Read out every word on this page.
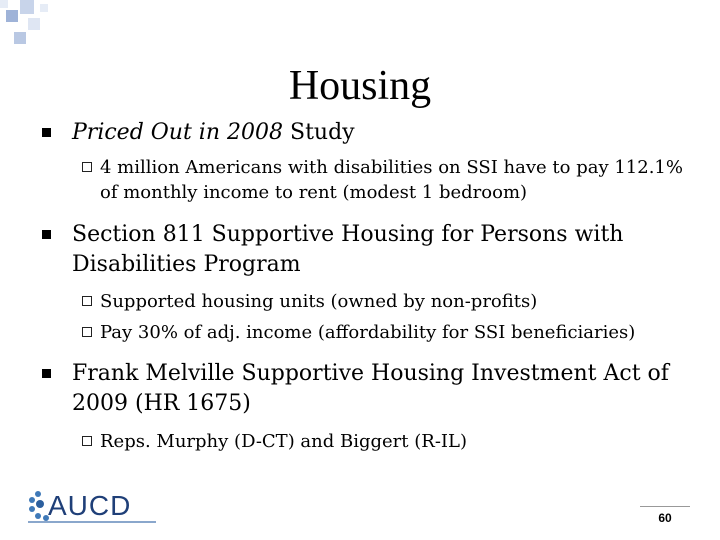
Housing
Priced Out in 2008 Study
4 million Americans with disabilities on SSI have to pay 112.1% of monthly income to rent (modest 1 bedroom)
Section 811 Supportive Housing for Persons with Disabilities Program
Supported housing units (owned by non-profits)
Pay 30% of adj. income (affordability for SSI beneficiaries)
Frank Melville Supportive Housing Investment Act of 2009 (HR 1675)
Reps. Murphy (D-CT) and Biggert (R-IL)
AUCD	60
